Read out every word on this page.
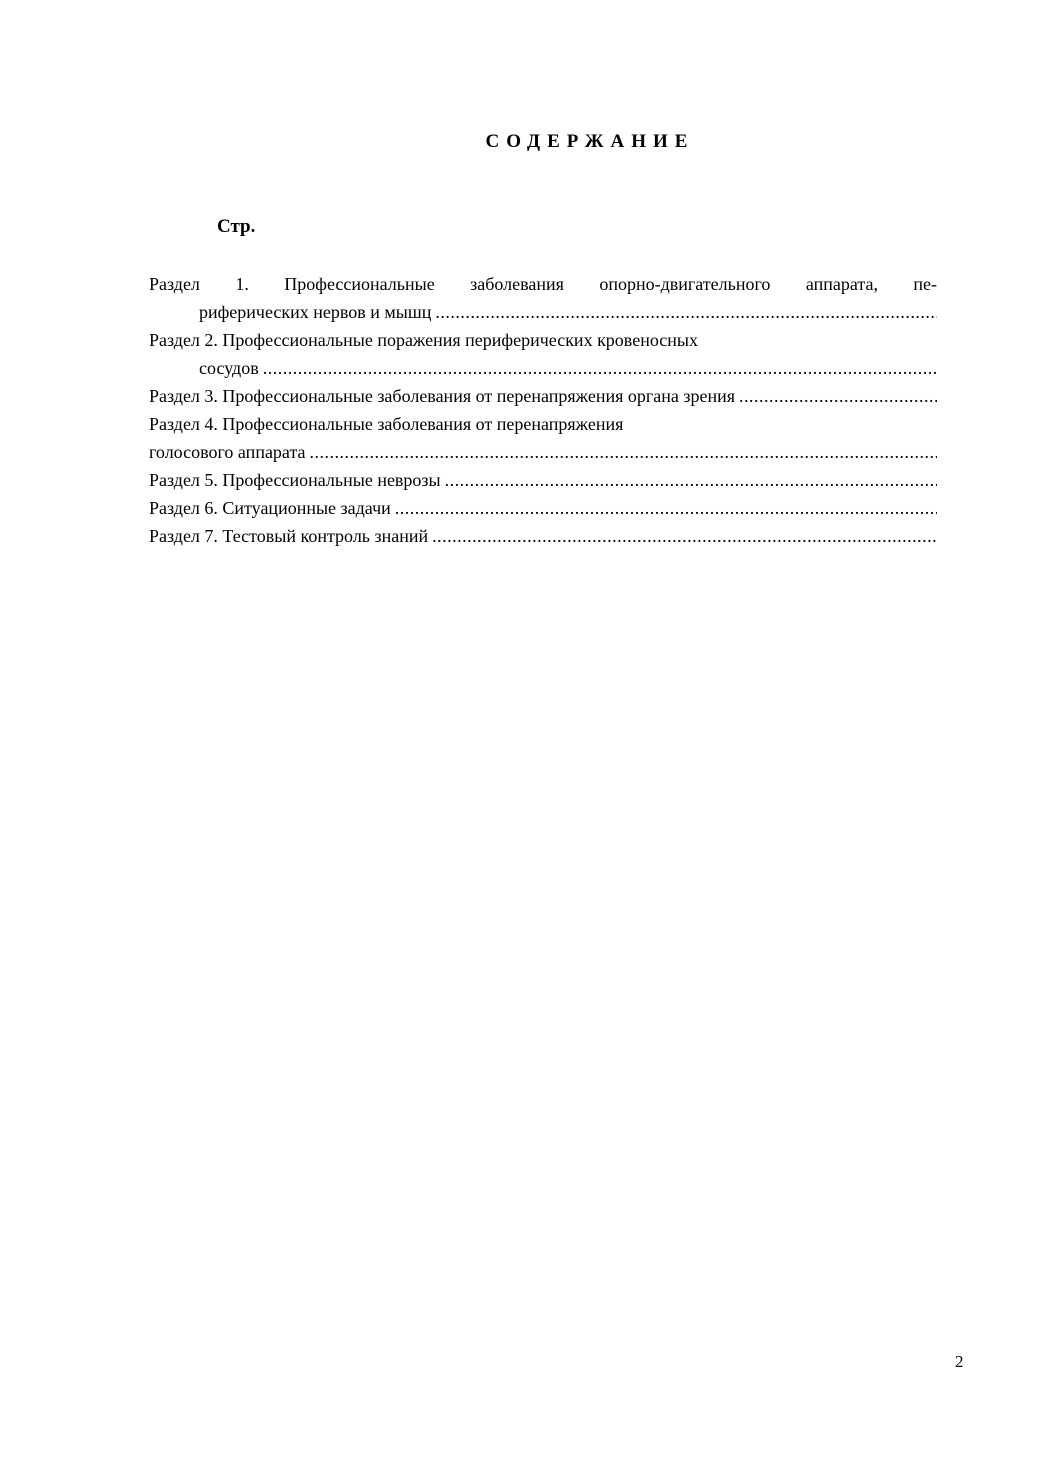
СОДЕРЖАНИЕ
Стр.
Раздел 1. Профессиональные заболевания опорно-двигательного аппарата, пе-
риферических нервов и мышц
.....
Раздел 2. Профессиональные поражения периферических кровеносных
сосудов
.....
Раздел 3. Профессиональные заболевания от перенапряжения органа зрения
.....
Раздел 4. Профессиональные заболевания от перенапряжения
голосового аппарата
.....
Раздел 5. Профессиональные неврозы
.....
Раздел 6. Ситуационные задачи
.....
Раздел 7. Тестовый контроль знаний
.....
2
